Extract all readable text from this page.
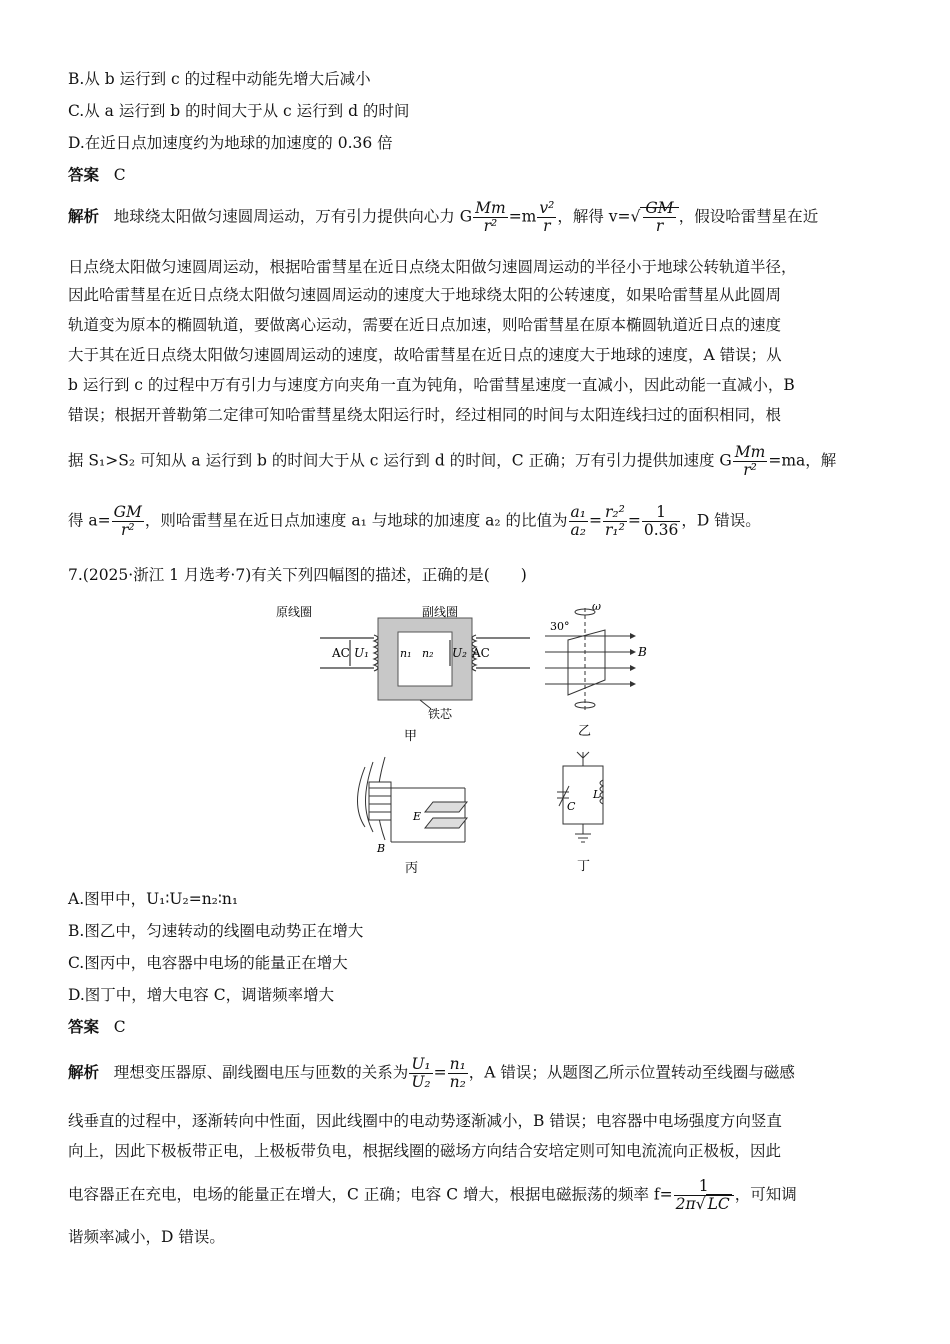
B.从 b 运行到 c 的过程中动能先增大后减小
C.从 a 运行到 b 的时间大于从 c 运行到 d 的时间
D.在近日点加速度约为地球的加速度的 0.36 倍
答案 C
解析 地球绕太阳做匀速圆周运动，万有引力提供向心力 G $\frac{Mm}{\text{r²}} =m \frac{\text{v²}}{r}$ ，解得 $v=√ \frac{GM}{r}$ ，假设哈雷彗星在近
日点绕太阳做匀速圆周运动，根据哈雷彗星在近日点绕太阳做匀速圆周运动的半径小于地球公转轨道半径，
因此哈雷彗星在近日点绕太阳做匀速圆周运动的速度大于地球绕太阳的公转速度，如果哈雷彗星从此圆周
轨道变为原本的椭圆轨道，要做离心运动，需要在近日点加速，则哈雷彗星在原本椭圆轨道近日点的速度
大于其在近日点绕太阳做匀速圆周运动的速度，故哈雷彗星在近日点的速度大于地球的速度，A 错误；从
b 运行到 c 的过程中万有引力与速度方向夹角一直为钝角，哈雷彗星速度一直减小，因此动能一直减小，B
错误；根据开普勒第二定律可知哈雷彗星绕太阳运行时，经过相同的时间与太阳连线扫过的面积相同，根
据 S₁>S₂ 可知从 a 运行到 b 的时间大于从 c 运行到 d 的时间，C 正确；万有引力提供加速度 G $\frac{Mm}{\text{r²}} =ma$，解
得 $a= \frac{GM}{\text{r²}}$ ，则哈雷彗星在近日点加速度 a₁ 与地球的加速度 a₂ 的比值为 $\frac{\text{a₁}}{\text{a₂}} = \frac{\text{r₂²}}{\text{r₁²}} = \frac{1}{0.36}$ ，D 错误。
7.(2025·浙江 1 月选考·7)有关下列四幅图的描述，正确的是(　　)
原线圈	副线圈
AC U₁	n₁ n₂ U₂ AC
铁芯
甲
ω
30°
B
乙
E
B
丙
C
L
丁
A.图甲中，U₁∶U₂=n₂∶n₁
B.图乙中，匀速转动的线圈电动势正在增大
C.图丙中，电容器中电场的能量正在增大
D.图丁中，增大电容 C，调谐频率增大
答案 C
解析 理想变压器原、副线圈电压与匝数的关系为 $\frac{\text{U₁}}{\text{U₂}} = \frac{\text{n₁}}{\text{n₂}}$ ，A 错误；从题图乙所示位置转动至线圈与磁感
线垂直的过程中，逐渐转向中性面，因此线圈中的电动势逐渐减小，B 错误；电容器中电场强度方向竖直
向上，因此下极板带正电，上极板带负电，根据线圈的磁场方向结合安培定则可知电流流向正极板，因此
电容器正在充电，电场的能量正在增大，C 正确；电容 C 增大，根据电磁振荡的频率 $f= \frac{1}{2\pi√ LC}$ ，可知调
谐频率减小，D 错误。
